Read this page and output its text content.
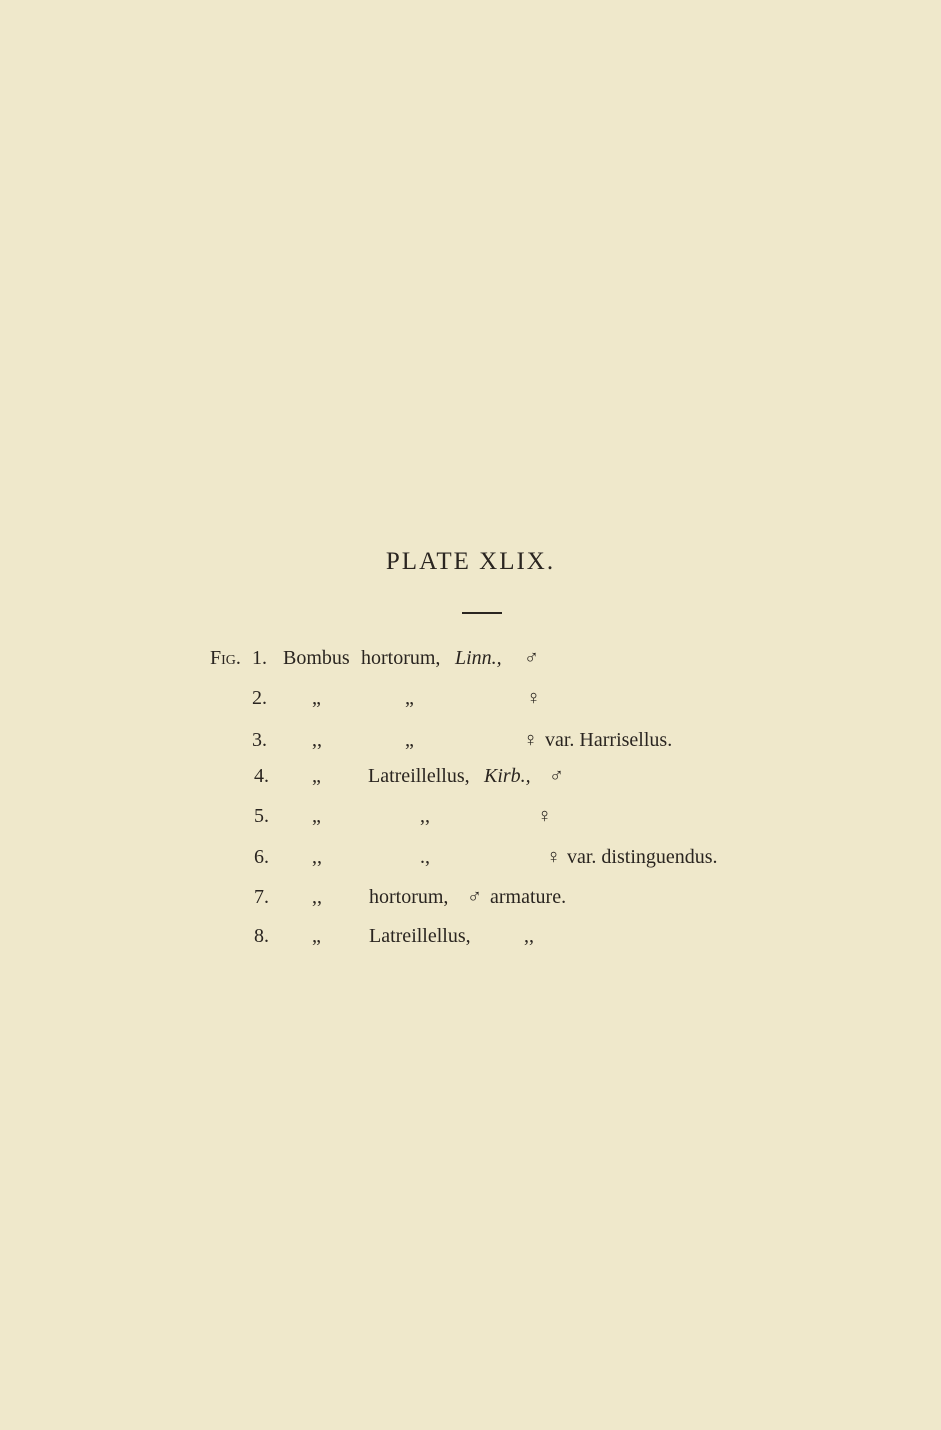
PLATE XLIX.
Fig. 1. Bombus hortorum, Linn., ♂
2. „	„	♀
3. ,,	„	♀ var. Harrisellus.
4. „ Latreillellus, Kirb., ♂
5. „	,,	♀
6. ,,	.,	♀ var. distinguendus.
7. ,, hortorum, ♂ armature.
8. „ Latreillellus,	,,
